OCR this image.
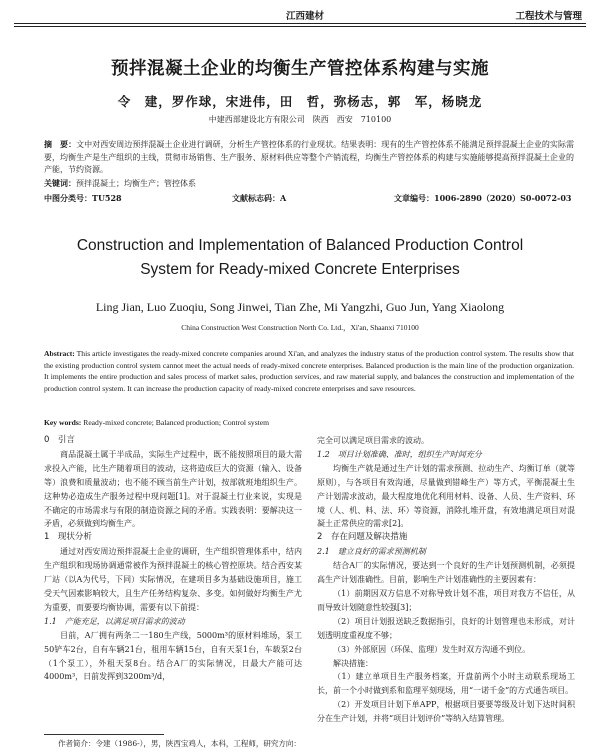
江西建材	工程技术与管理
预拌混凝土企业的均衡生产管控体系构建与实施
令　建，罗作球，宋进伟，田　哲，弥杨志，郭　军，杨晓龙
中建西部建设北方有限公司　陕西　西安　710100
摘　要：文中对西安周边预拌混凝土企业进行调研，分析生产管控体系的行业现状。结果表明：现有的生产管控体系不能满足预拌混凝土企业的实际需要，均衡生产是生产组织的主线，贯彻市场销售、生产服务、原材料供应等整个产销流程，均衡生产管控体系的构建与实施能够提高预拌混凝土企业的产能，节约资源。
关键词：预拌混凝土；均衡生产；管控体系
中图分类号：TU528	文献标志码：A	文章编号：1006-2890（2020）S0-0072-03
Construction and Implementation of Balanced Production Control
System for Ready-mixed Concrete Enterprises
Ling Jian, Luo Zuoqiu, Song Jinwei, Tian Zhe, Mi Yangzhi, Guo Jun, Yang Xiaolong
China Construction West Construction North Co. Ltd.，Xi'an, Shaanxi 710100
Abstract: This article investigates the ready-mixed concrete companies around Xi'an, and analyzes the industry status of the production control system. The results show that the existing production control system cannot meet the actual needs of ready-mixed concrete enterprises. Balanced production is the main line of the production organization. It implements the entire production and sales process of market sales, production services, and raw material supply, and balances the construction and implementation of the production control system. It can increase the production capacity of ready-mixed concrete enterprises and save resources.
Key words: Ready-mixed concrete; Balanced production; Control system
0　引言

商品混凝土属于半成品，实际生产过程中，既不能按照项目的最大需求投入产能，比生产随着项目的波动，这将造成巨大的资源（输入、设备等）浪费和质量波动；也不能不顾当前生产计划，按部就班地组织生产。这种势必造成生产服务过程中现问题[1]。对于混凝土行业来说，实现是不确定的市场需求与有限的制造资源之间的矛盾。实践表明：要解决这一矛盾，必须做到均衡生产。

1　现状分析

通过对西安周边预拌混凝土企业的调研，生产组织管理体系中，结内生产组织和现场协调通常被作为预拌混凝土的核心管控原块。结合西安某厂站（以A为代号，下同）实际情况，在建项目多为基础设施项目，施工受天气因素影响较大，且生产任务结构复杂、多变。如何做好均衡生产尤为重要，而要要均衡协调，需要有以下前提：

1.1　产能充足，以满足项目需求的波动

目前，A厂拥有两条二一180生产线，5000m³的原材料堆场，泵工50铲车2台，自有车辆21台，租用车辆15台，自有天泵1台，车载泵2台（1个泵工），外租天泵8台。结合A厂的实际情况，日最大产能可达4000m³，日前发挥到3200m³/d，

完全可以满足项目需求的波动。
1.2　项目计划准确、准时，组织生产时间充分

均衡生产就是通过生产计划的需求预测、拉动生产、均衡订单（就等原则），与各项目有效沟通，尽量做到错峰生产）等方式，平衡混凝土生产计划需求波动，最大程度地优化利用材料、设备、人员、生产资料、环境（人、机、料、法、环）等资源，消除扎堆开盘，有效地满足项目对混凝土正常供应的需求[2]。

2　存在问题及解决措施
2.1　建立良好的需求预测机制

结合A厂的实际情况，要达到一个良好的生产计划预测机制，必须提高生产计划准确性。目前，影响生产计划准确性的主要因素有：

（1）前期因双方信息不对称导致计划不准，项目对我方不信任，从而导致计划随意性较强[3]；

（2）项目计划报送缺乏数据指引，良好的计划管理也未形成，对计划透明度重视度不够；

（3）外部原因（环保、监理）发生时双方沟通不到位。

解决措施：

（1）建立单项目生产服务档案，开盘前两个小时主动联系现场工长，前一个小时做到系和监理平刻现场，用“一诺千金”的方式通告项目。

（2）开发项目计划下单APP，根据项目要要等级及计划下达时间积分在生产计划，并将“项目计划评价”等纳入结算管理。

作者简介：令建（1986-），男，陕西宝鸡人，本科，工程师，研究方向：
